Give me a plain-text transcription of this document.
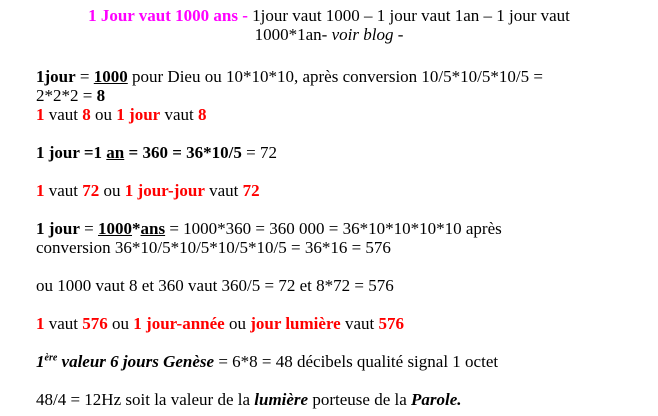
1 Jour vaut 1000 ans - 1jour vaut 1000 – 1 jour vaut 1an – 1 jour vaut
1000*1an- voir blog -
1jour = 1000 pour Dieu ou 10*10*10, après conversion 10/5*10/5*10/5 =
2*2*2 = 8
1 vaut 8 ou 1 jour vaut 8
1 jour =1 an = 360 = 36*10/5 = 72
1 vaut 72 ou 1 jour-jour vaut 72
1 jour = 1000*ans = 1000*360 = 360 000 = 36*10*10*10*10 après
conversion 36*10/5*10/5*10/5*10/5 = 36*16 = 576
ou 1000 vaut 8 et 360 vaut 360/5 = 72 et 8*72 = 576
1 vaut 576 ou 1 jour-année ou jour lumière vaut 576
1ère valeur 6 jours Genèse = 6*8 = 48 décibels qualité signal 1 octet
48/4 = 12Hz soit la valeur de la lumière porteuse de la Parole.
